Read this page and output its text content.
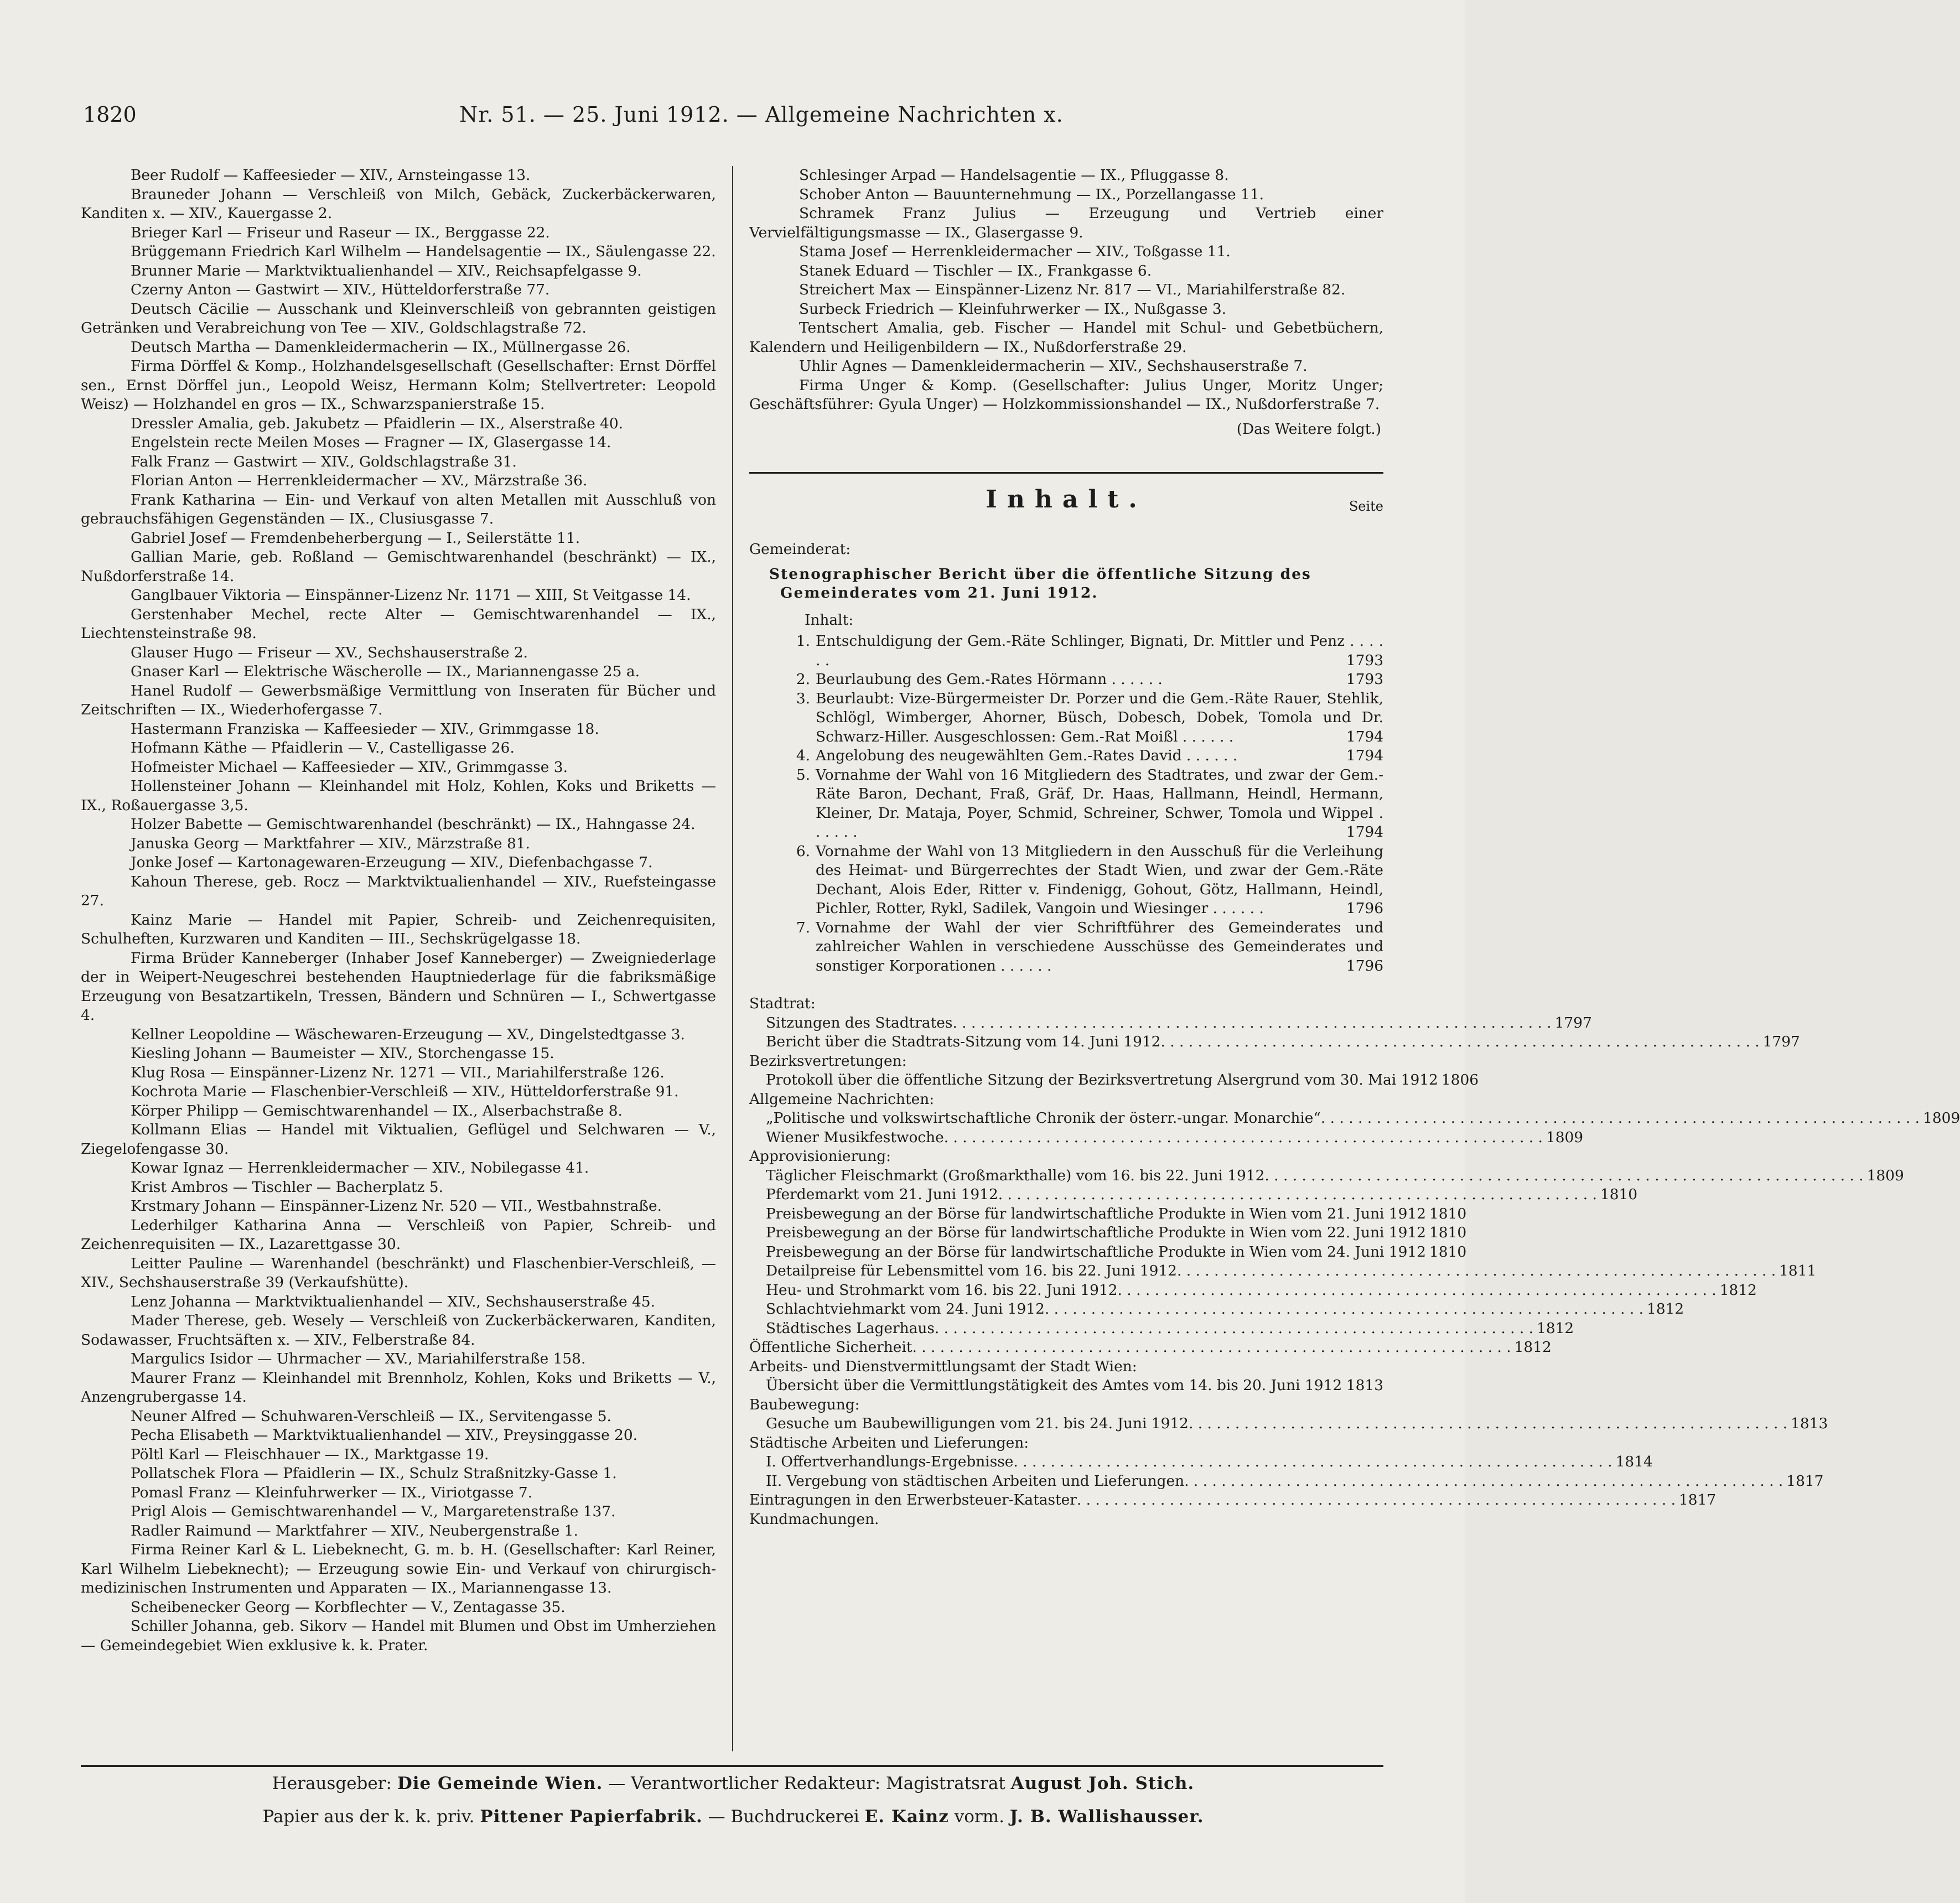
1820	Nr. 51. — 25. Juni 1912. — Allgemeine Nachrichten x.

Beer Rudolf — Kaffeesieder — XIV., Arnsteingasse 13.

Brauneder Johann — Verschleiß von Milch, Gebäck, Zuckerbäckerwaren, Kanditen x. — XIV., Kauergasse 2.

Brieger Karl — Friseur und Raseur — IX., Berggasse 22.

Brüggemann Friedrich Karl Wilhelm — Handelsagentie — IX., Säulengasse 22.

Brunner Marie — Marktviktualienhandel — XIV., Reichsapfelgasse 9.

Czerny Anton — Gastwirt — XIV., Hütteldorferstraße 77.

Deutsch Cäcilie — Ausschank und Kleinverschleiß von gebrannten geistigen Getränken und Verabreichung von Tee — XIV., Goldschlagstraße 72.

Deutsch Martha — Damenkleidermacherin — IX., Müllnergasse 26.

Firma Dörffel & Komp., Holzhandelsgesellschaft (Gesellschafter: Ernst Dörffel sen., Ernst Dörffel jun., Leopold Weisz, Hermann Kolm; Stellvertreter: Leopold Weisz) — Holzhandel en gros — IX., Schwarzspanierstraße 15.

Dressler Amalia, geb. Jakubetz — Pfaidlerin — IX., Alserstraße 40.

Engelstein recte Meilen Moses — Fragner — IX, Glasergasse 14.

Falk Franz — Gastwirt — XIV., Goldschlagstraße 31.

Florian Anton — Herrenkleidermacher — XV., Märzstraße 36.

Frank Katharina — Ein- und Verkauf von alten Metallen mit Ausschluß von gebrauchsfähigen Gegenständen — IX., Clusiusgasse 7.

Gabriel Josef — Fremdenbeherbergung — I., Seilerstätte 11.

Gallian Marie, geb. Roßland — Gemischtwarenhandel (beschränkt) — IX., Nußdorferstraße 14.

Ganglbauer Viktoria — Einspänner-Lizenz Nr. 1171 — XIII, St Veitgasse 14.

Gerstenhaber Mechel, recte Alter — Gemischtwarenhandel — IX., Liechtensteinstraße 98.

Glauser Hugo — Friseur — XV., Sechshauserstraße 2.

Gnaser Karl — Elektrische Wäscherolle — IX., Mariannengasse 25 a.

Hanel Rudolf — Gewerbsmäßige Vermittlung von Inseraten für Bücher und Zeitschriften — IX., Wiederhofergasse 7.

Hastermann Franziska — Kaffeesieder — XIV., Grimmgasse 18.

Hofmann Käthe — Pfaidlerin — V., Castelligasse 26.

Hofmeister Michael — Kaffeesieder — XIV., Grimmgasse 3.

Hollensteiner Johann — Kleinhandel mit Holz, Kohlen, Koks und Briketts — IX., Roßauergasse 3,5.

Holzer Babette — Gemischtwarenhandel (beschränkt) — IX., Hahngasse 24.

Januska Georg — Marktfahrer — XIV., Märzstraße 81.

Jonke Josef — Kartonagewaren-Erzeugung — XIV., Diefenbachgasse 7.

Kahoun Therese, geb. Rocz — Marktviktualienhandel — XIV., Ruefsteingasse 27.

Kainz Marie — Handel mit Papier, Schreib- und Zeichenrequisiten, Schulheften, Kurzwaren und Kanditen — III., Sechskrügelgasse 18.

Firma Brüder Kanneberger (Inhaber Josef Kanneberger) — Zweigniederlage der in Weipert-Neugeschrei bestehenden Hauptniederlage für die fabriksmäßige Erzeugung von Besatzartikeln, Tressen, Bändern und Schnüren — I., Schwertgasse 4.

Kellner Leopoldine — Wäschewaren-Erzeugung — XV., Dingelstedtgasse 3.

Kiesling Johann — Baumeister — XIV., Storchengasse 15.

Klug Rosa — Einspänner-Lizenz Nr. 1271 — VII., Mariahilferstraße 126.

Kochrota Marie — Flaschenbier-Verschleiß — XIV., Hütteldorferstraße 91.

Körper Philipp — Gemischtwarenhandel — IX., Alserbachstraße 8.

Kollmann Elias — Handel mit Viktualien, Geflügel und Selchwaren — V., Ziegelofengasse 30.

Kowar Ignaz — Herrenkleidermacher — XIV., Nobilegasse 41.

Krist Ambros — Tischler — Bacherplatz 5.

Krstmary Johann — Einspänner-Lizenz Nr. 520 — VII., Westbahnstraße.

Lederhilger Katharina Anna — Verschleiß von Papier, Schreib- und Zeichenrequisiten — IX., Lazarettgasse 30.

Leitter Pauline — Warenhandel (beschränkt) und Flaschenbier-Verschleiß, — XIV., Sechshauserstraße 39 (Verkaufshütte).

Lenz Johanna — Marktviktualienhandel — XIV., Sechshauserstraße 45.

Mader Therese, geb. Wesely — Verschleiß von Zuckerbäckerwaren, Kanditen, Sodawasser, Fruchtsäften x. — XIV., Felberstraße 84.

Margulics Isidor — Uhrmacher — XV., Mariahilferstraße 158.

Maurer Franz — Kleinhandel mit Brennholz, Kohlen, Koks und Briketts — V., Anzengrubergasse 14.

Neuner Alfred — Schuhwaren-Verschleiß — IX., Servitengasse 5.

Pecha Elisabeth — Marktviktualienhandel — XIV., Preysinggasse 20.

Pöltl Karl — Fleischhauer — IX., Marktgasse 19.

Pollatschek Flora — Pfaidlerin — IX., Schulz Straßnitzky-Gasse 1.

Pomasl Franz — Kleinfuhrwerker — IX., Viriotgasse 7.

Prigl Alois — Gemischtwarenhandel — V., Margaretenstraße 137.

Radler Raimund — Marktfahrer — XIV., Neubergenstraße 1.

Firma Reiner Karl & L. Liebeknecht, G. m. b. H. (Gesellschafter: Karl Reiner, Karl Wilhelm Liebeknecht); — Erzeugung sowie Ein- und Verkauf von chirurgisch-medizinischen Instrumenten und Apparaten — IX., Mariannengasse 13.

Scheibenecker Georg — Korbflechter — V., Zentagasse 35.

Schiller Johanna, geb. Sikorv — Handel mit Blumen und Obst im Umherziehen — Gemeindegebiet Wien exklusive k. k. Prater.

Schlesinger Arpad — Handelsagentie — IX., Pfluggasse 8.

Schober Anton — Bauunternehmung — IX., Porzellangasse 11.

Schramek Franz Julius — Erzeugung und Vertrieb einer Vervielfältigungsmasse — IX., Glasergasse 9.

Stama Josef — Herrenkleidermacher — XIV., Toßgasse 11.

Stanek Eduard — Tischler — IX., Frankgasse 6.

Streichert Max — Einspänner-Lizenz Nr. 817 — VI., Mariahilferstraße 82.

Surbeck Friedrich — Kleinfuhrwerker — IX., Nußgasse 3.

Tentschert Amalia, geb. Fischer — Handel mit Schul- und Gebetbüchern, Kalendern und Heiligenbildern — IX., Nußdorferstraße 29.

Uhlir Agnes — Damenkleidermacherin — XIV., Sechshauserstraße 7.

Firma Unger & Komp. (Gesellschafter: Julius Unger, Moritz Unger; Geschäftsführer: Gyula Unger) — Holzkommissionshandel — IX., Nußdorferstraße 7.

(Das Weitere folgt.)

Inhalt.	Seite

Gemeinderat:

Stenographischer Bericht über die öffentliche Sitzung des Gemeinderates vom 21. Juni 1912.

Inhalt:

1. Entschuldigung der Gem.-Räte Schlinger, Bignati, Dr. Mittler und Penz . . . . . .	1793
2. Beurlaubung des Gem.-Rates Hörmann . . . . . .	1793
3. Beurlaubt: Vize-Bürgermeister Dr. Porzer und die Gem.-Räte Rauer, Stehlik, Schlögl, Wimberger, Ahorner, Büsch, Dobesch, Dobek, Tomola und Dr. Schwarz-Hiller. Ausgeschlossen: Gem.-Rat Moißl . . . . . .	1794
4. Angelobung des neugewählten Gem.-Rates David . . . . . .	1794
5. Vornahme der Wahl von 16 Mitgliedern des Stadtrates, und zwar der Gem.-Räte Baron, Dechant, Fraß, Gräf, Dr. Haas, Hallmann, Heindl, Hermann, Kleiner, Dr. Mataja, Poyer, Schmid, Schreiner, Schwer, Tomola und Wippel . . . . . .	1794
6. Vornahme der Wahl von 13 Mitgliedern in den Ausschuß für die Verleihung des Heimat- und Bürgerrechtes der Stadt Wien, und zwar der Gem.-Räte Dechant, Alois Eder, Ritter v. Findenigg, Gohout, Götz, Hallmann, Heindl, Pichler, Rotter, Rykl, Sadilek, Vangoin und Wiesinger . . . . . .	1796
7. Vornahme der Wahl der vier Schriftführer des Gemeinderates und zahlreicher Wahlen in verschiedene Ausschüsse des Gemeinderates und sonstiger Korporationen . . . . . .	1796

Stadtrat:

Sitzungen des Stadtrates . . .	1797
Bericht über die Stadtrats-Sitzung vom 14. Juni 1912 . . .	1797

Bezirksvertretungen:

Protokoll über die öffentliche Sitzung der Bezirksvertretung Alsergrund vom 30. Mai 1912 1806

Allgemeine Nachrichten:

„Politische und volkswirtschaftliche Chronik der österr.-ungar. Monarchie“ . . .	1809
Wiener Musikfestwoche . . .	1809

Approvisionierung:

Täglicher Fleischmarkt (Großmarkthalle) vom 16. bis 22. Juni 1912 . . .	1809
Pferdemarkt vom 21. Juni 1912 . . .	1810
Preisbewegung an der Börse für landwirtschaftliche Produkte in Wien vom 21. Juni 1912 1810
Preisbewegung an der Börse für landwirtschaftliche Produkte in Wien vom 22. Juni 1912 1810
Preisbewegung an der Börse für landwirtschaftliche Produkte in Wien vom 24. Juni 1912 1810
Detailpreise für Lebensmittel vom 16. bis 22. Juni 1912 . . .	1811
Heu- und Strohmarkt vom 16. bis 22. Juni 1912 . . .	1812
Schlachtviehmarkt vom 24. Juni 1912 . . .	1812
Städtisches Lagerhaus . . .	1812
Öffentliche Sicherheit . . .	1812

Arbeits- und Dienstvermittlungsamt der Stadt Wien:

Übersicht über die Vermittlungstätigkeit des Amtes vom 14. bis 20. Juni 1912 . . . 1813

Baubewegung:

Gesuche um Baubewilligungen vom 21. bis 24. Juni 1912 . . .	1813

Städtische Arbeiten und Lieferungen:

I. Offertverhandlungs-Ergebnisse . . .	1814
II. Vergebung von städtischen Arbeiten und Lieferungen . . .	1817
Eintragungen in den Erwerbsteuer-Kataster . . .	1817

Kundmachungen.

Herausgeber: Die Gemeinde Wien. — Verantwortlicher Redakteur: Magistratsrat August Joh. Stich.
Papier aus der k. k. priv. Pittener Papierfabrik. — Buchdruckerei E. Kainz vorm. J. B. Wallishausser.
